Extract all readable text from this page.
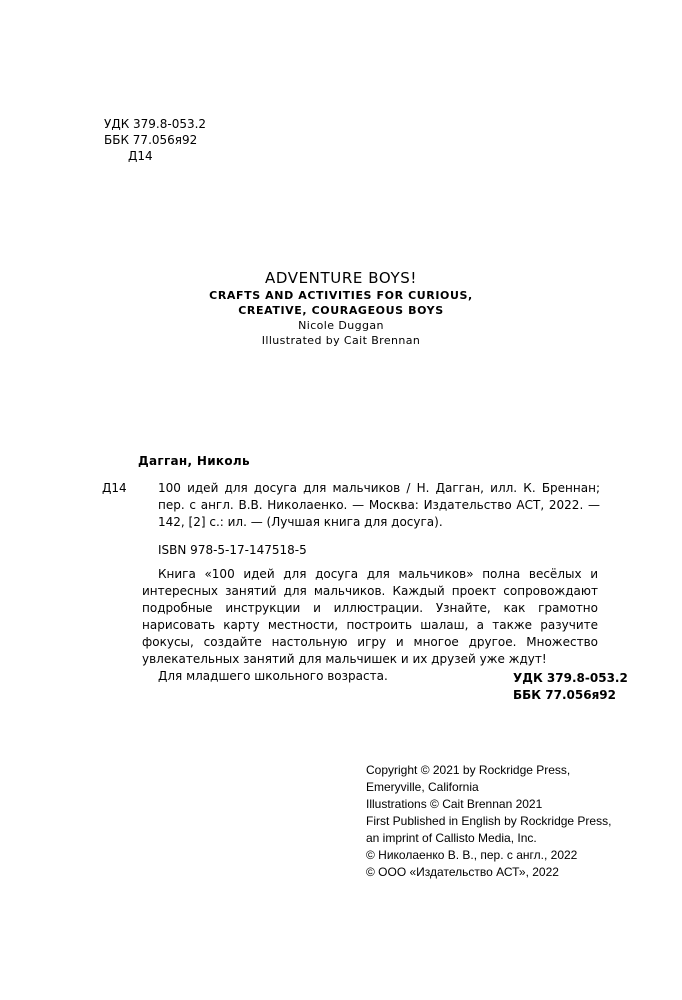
УДК 379.8-053.2
ББК 77.056я92
Д14
ADVENTURE BOYS!
CRAFTS AND ACTIVITIES FOR CURIOUS,
CREATIVE, COURAGEOUS BOYS
Nicole Duggan
Illustrated by Cait Brennan
Дагган, Николь
Д14	100 идей для досуга для мальчиков / Н. Дагган, илл. К. Бреннан; пер. с англ. В.В. Николаенко. — Москва: Издательство АСТ, 2022. — 142, [2] с.: ил. — (Лучшая книга для досуга).
ISBN 978-5-17-147518-5

Книга «100 идей для досуга для мальчиков» полна весёлых и интересных занятий для мальчиков. Каждый проект сопровождают подробные инструкции и иллюстрации. Узнайте, как грамотно нарисовать карту местности, построить шалаш, а также разучите фокусы, создайте настольную игру и многое другое. Множество увлекательных занятий для мальчишек и их друзей уже ждут!

Для младшего школьного возраста.	УДК 379.8-053.2
ББК 77.056я92
Copyright © 2021 by Rockridge Press,
Emeryville, California
Illustrations © Cait Brennan 2021
First Published in English by Rockridge Press,
an imprint of Callisto Media, Inc.
© Николаенко В. В., пер. с англ., 2022
© ООО «Издательство АСТ», 2022
